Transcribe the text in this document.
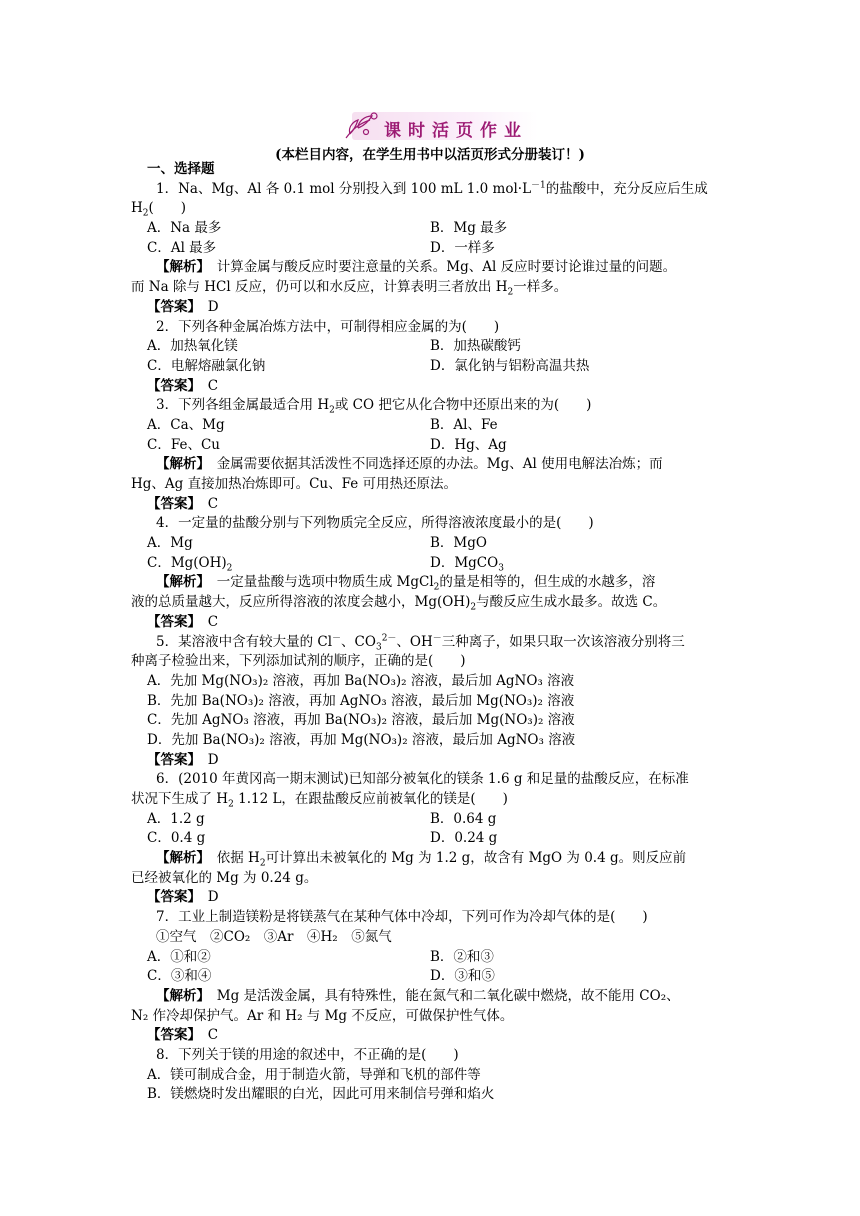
课时活页作业
(本栏目内容，在学生用书中以活页形式分册装订！)
一、选择题
1．Na、Mg、Al 各 0.1 mol 分别投入到 100 mL 1.0 $mol\cdot L^{-1}$的盐酸中，充分反应后生成
$H_2$(　　)
A．Na 最多	B．Mg 最多
C．Al 最多	D．一样多
【解析】　 计算金属与酸反应时要注意量的关系。Mg、Al 反应时要讨论谁过量的问题。
而 Na 除与 HCl 反应，仍可以和水反应，计算表明三者放出 $H_2$一样多。
【答案】　 D
2．下列各种金属冶炼方法中，可制得相应金属的为(　　)
A．加热氧化镁	B．加热碳酸钙
C．电解熔融氯化钠	D．氯化钠与铝粉高温共热
【答案】　 C
3．下列各组金属最适合用 $H_2$或 CO 把它从化合物中还原出来的为(　　)
A．Ca、Mg	B．Al、Fe
C．Fe、Cu	D．Hg、Ag
【解析】　 金属需要依据其活泼性不同选择还原的办法。Mg、Al 使用电解法冶炼；而
Hg、Ag 直接加热冶炼即可。Cu、Fe 可用热还原法。
【答案】　 C
4．一定量的盐酸分别与下列物质完全反应，所得溶液浓度最小的是(　　)
A．Mg	B．MgO
C．$Mg(OH)_2$	D．MgCO$_3$
【解析】　 一定量盐酸与选项中物质生成 MgCl$_2$的量是相等的，但生成的水越多，溶
液的总质量越大，反应所得溶液的浓度会越小，$Mg(OH)_2$与酸反应生成水最多。故选 C。
【答案】　 C
5．某溶液中含有较大量的 Cl－、$CO_3^{2-}$、OH－三种离子，如果只取一次该溶液分别将三
种离子检验出来，下列添加试剂的顺序，正确的是(　　)
A．先加 Mg(NO₃)₂ 溶液，再加 Ba(NO₃)₂ 溶液，最后加 AgNO₃ 溶液
B．先加 Ba(NO₃)₂ 溶液，再加 AgNO₃ 溶液，最后加 Mg(NO₃)₂ 溶液
C．先加 AgNO₃ 溶液，再加 Ba(NO₃)₂ 溶液，最后加 Mg(NO₃)₂ 溶液
D．先加 Ba(NO₃)₂ 溶液，再加 Mg(NO₃)₂ 溶液，最后加 AgNO₃ 溶液
【答案】　 D
6．(2010 年黄冈高一期末测试)已知部分被氧化的镁条 1.6 g 和足量的盐酸反应，在标准
状况下生成了 $H_2$ 1.12 L，在跟盐酸反应前被氧化的镁是(　　)
A．1.2 g	B．0.64 g
C．0.4 g	D．0.24 g
【解析】　 依据 $H_2$可计算出未被氧化的 Mg 为 1.2 g，故含有 MgO 为 0.4 g。则反应前
已经被氧化的 Mg 为 0.24 g。
【答案】　 D
7．工业上制造镁粉是将镁蒸气在某种气体中冷却，下列可作为冷却气体的是(　　)
①空气　②CO₂　③Ar　④H₂　⑤氮气
A．①和②	B．②和③
C．③和④	D．③和⑤
【解析】　 Mg 是活泼金属，具有特殊性，能在氮气和二氧化碳中燃烧，故不能用 CO₂、
N₂ 作冷却保护气。Ar 和 H₂ 与 Mg 不反应，可做保护性气体。
【答案】　 C
8．下列关于镁的用途的叙述中，不正确的是(　　)
A．镁可制成合金，用于制造火箭，导弹和飞机的部件等
B．镁燃烧时发出耀眼的白光，因此可用来制信号弹和焰火
